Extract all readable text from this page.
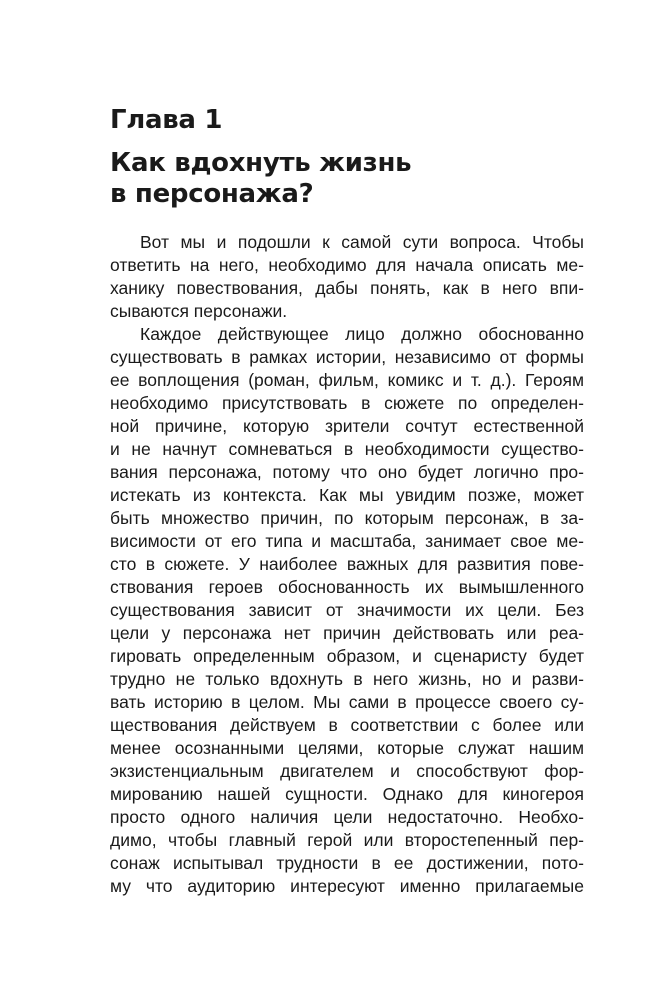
Глава 1
Как вдохнуть жизнь
в персонажа?
Вот мы и подошли к самой сути вопроса. Чтобы
ответить на него, необходимо для начала описать ме-
ханику повествования, дабы понять, как в него впи-
сываются персонажи.
Каждое действующее лицо должно обоснованно
существовать в рамках истории, независимо от формы
ее воплощения (роман, фильм, комикс и т. д.). Героям
необходимо присутствовать в сюжете по определен-
ной причине, которую зрители сочтут естественной
и не начнут сомневаться в необходимости существо-
вания персонажа, потому что оно будет логично про-
истекать из контекста. Как мы увидим позже, может
быть множество причин, по которым персонаж, в за-
висимости от его типа и масштаба, занимает свое ме-
сто в сюжете. У наиболее важных для развития пове-
ствования героев обоснованность их вымышленного
существования зависит от значимости их цели. Без
цели у персонажа нет причин действовать или реа-
гировать определенным образом, и сценаристу будет
трудно не только вдохнуть в него жизнь, но и разви-
вать историю в целом. Мы сами в процессе своего су-
ществования действуем в соответствии с более или
менее осознанными целями, которые служат нашим
экзистенциальным двигателем и способствуют фор-
мированию нашей сущности. Однако для киногероя
просто одного наличия цели недостаточно. Необхо-
димо, чтобы главный герой или второстепенный пер-
сонаж испытывал трудности в ее достижении, пото-
му что аудиторию интересуют именно прилагаемые
